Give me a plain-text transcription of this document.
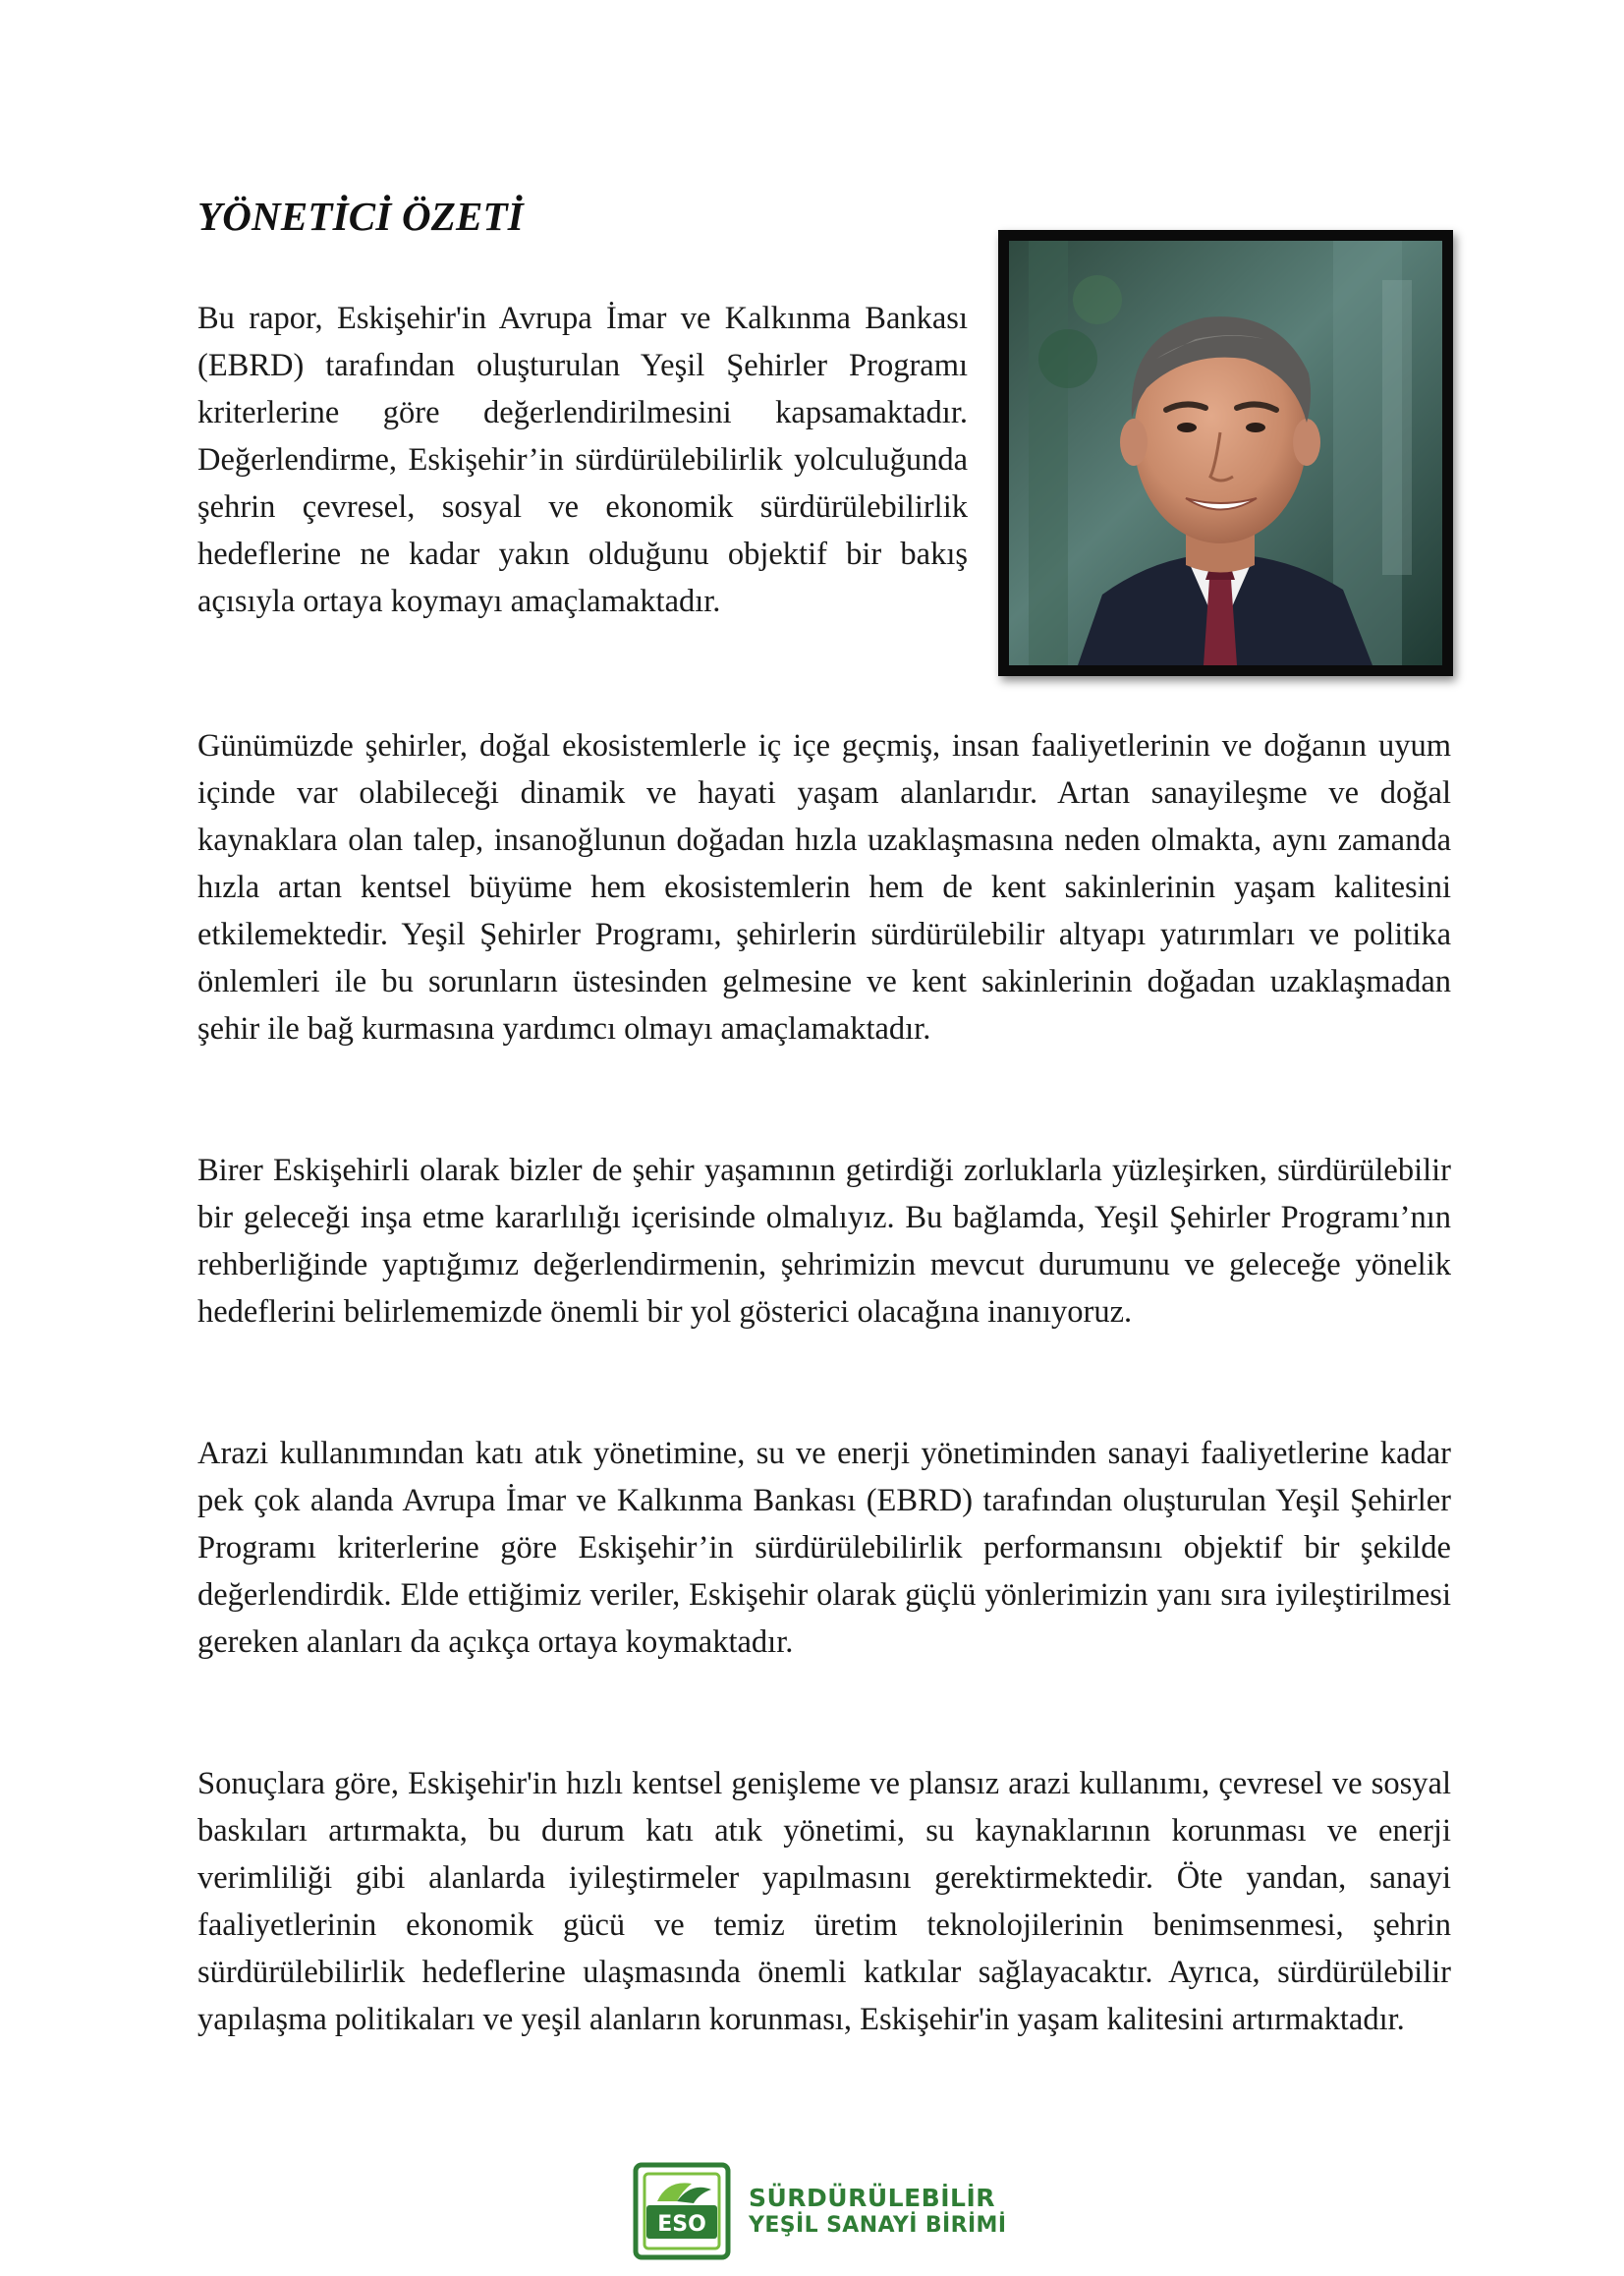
YÖNETİCİ ÖZETİ

Bu rapor, Eskişehir'in Avrupa İmar ve Kalkınma Bankası (EBRD) tarafından oluşturulan Yeşil Şehirler Programı kriterlerine göre değerlendirilmesini kapsamaktadır. Değerlendirme, Eskişehir’in sürdürülebilirlik yolculuğunda şehrin çevresel, sosyal ve ekonomik sürdürülebilirlik hedeflerine ne kadar yakın olduğunu objektif bir bakış açısıyla ortaya koymayı amaçlamaktadır.

Günümüzde şehirler, doğal ekosistemlerle iç içe geçmiş, insan faaliyetlerinin ve doğanın uyum içinde var olabileceği dinamik ve hayati yaşam alanlarıdır. Artan sanayileşme ve doğal kaynaklara olan talep, insanoğlunun doğadan hızla uzaklaşmasına neden olmakta, aynı zamanda hızla artan kentsel büyüme hem ekosistemlerin hem de kent sakinlerinin yaşam kalitesini etkilemektedir. Yeşil Şehirler Programı, şehirlerin sürdürülebilir altyapı yatırımları ve politika önlemleri ile bu sorunların üstesinden gelmesine ve kent sakinlerinin doğadan uzaklaşmadan şehir ile bağ kurmasına yardımcı olmayı amaçlamaktadır.

Birer Eskişehirli olarak bizler de şehir yaşamının getirdiği zorluklarla yüzleşirken, sürdürülebilir bir geleceği inşa etme kararlılığı içerisinde olmalıyız. Bu bağlamda, Yeşil Şehirler Programı’nın rehberliğinde yaptığımız değerlendirmenin, şehrimizin mevcut durumunu ve geleceğe yönelik hedeflerini belirlememizde önemli bir yol gösterici olacağına inanıyoruz.

Arazi kullanımından katı atık yönetimine, su ve enerji yönetiminden sanayi faaliyetlerine kadar pek çok alanda Avrupa İmar ve Kalkınma Bankası (EBRD) tarafından oluşturulan Yeşil Şehirler Programı kriterlerine göre Eskişehir’in sürdürülebilirlik performansını objektif bir şekilde değerlendirdik. Elde ettiğimiz veriler, Eskişehir olarak güçlü yönlerimizin yanı sıra iyileştirilmesi gereken alanları da açıkça ortaya koymaktadır.

Sonuçlara göre, Eskişehir'in hızlı kentsel genişleme ve plansız arazi kullanımı, çevresel ve sosyal baskıları artırmakta, bu durum katı atık yönetimi, su kaynaklarının korunması ve enerji verimliliği gibi alanlarda iyileştirmeler yapılmasını gerektirmektedir. Öte yandan, sanayi faaliyetlerinin ekonomik gücü ve temiz üretim teknolojilerinin benimsenmesi, şehrin sürdürülebilirlik hedeflerine ulaşmasında önemli katkılar sağlayacaktır. Ayrıca, sürdürülebilir yapılaşma politikaları ve yeşil alanların korunması, Eskişehir'in yaşam kalitesini artırmaktadır.

ESO
SÜRDÜRÜLEBİLİR
YEŞİL SANAYİ BİRİMİ
